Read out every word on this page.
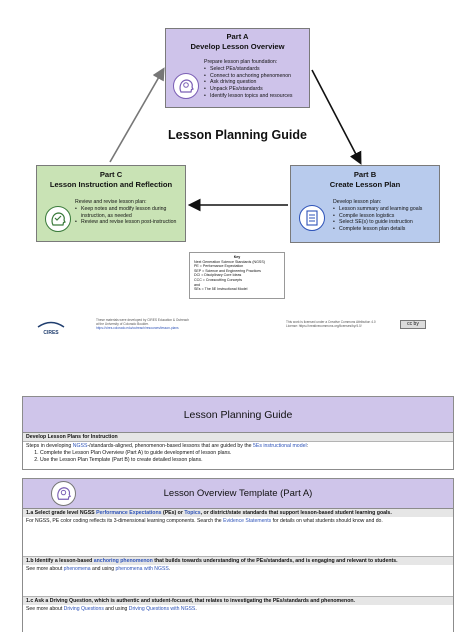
Part A
Develop Lesson Overview
Prepare lesson plan foundation:
• Select PEs/standards
• Connect to anchoring phenomenon
• Ask driving question
• Unpack PEs/standards
• Identify lesson topics and resources
Lesson Planning Guide
Part B
Create Lesson Plan
Develop lesson plan:
• Lesson summary and learning goals
• Compile lesson logistics
• Select SE(s) to guide instruction
• Complete lesson plan details
Part C
Lesson Instruction and Reflection
Review and revise lesson plan:
• Keep notes and modify lesson during instruction, as needed
• Review and revise lesson post-instruction
Key
Next Generation Science Standards (NGSS)
PE = Performance Expectation
SEP = Science and Engineering Practices
DCI = Disciplinary Core Ideas
CCC = Crosscutting Concepts
and
SEs = The 5E Instructional Model
CIRES
These materials were developed by CIRES Education & Outreach
at the University of Colorado Boulder.
https://cires.colorado.edu/outreach/resources/lesson-plans
This work is licensed under a Creative Commons Attribution 4.0
License: https://creativecommons.org/licenses/by/4.0/	cc by
Lesson Planning Guide
Develop Lesson Plans for Instruction
Steps in developing NGSS-/standards-aligned, phenomenon-based lessons that are guided by the 5Es instructional model:
1. Complete the Lesson Plan Overview (Part A) to guide development of lesson plans.
2. Use the Lesson Plan Template (Part B) to create detailed lesson plans.
Lesson Overview Template (Part A)
1.a Select grade level NGSS Performance Expectations (PEs) or Topics, or district/state standards that support lesson-based student learning goals.
For NGSS, PE color coding reflects its 3-dimensional learning components. Search the Evidence Statements for details on what students should know and do.
1.b Identify a lesson-based anchoring phenomenon that builds towards understanding of the PEs/standards, and is engaging and relevant to students.
See more about phenomena and using phenomena with NGSS.
1.c Ask a Driving Question, which is authentic and student-focused, that relates to investigating the PEs/standards and phenomenon.
See more about Driving Questions and using Driving Questions with NGSS.
